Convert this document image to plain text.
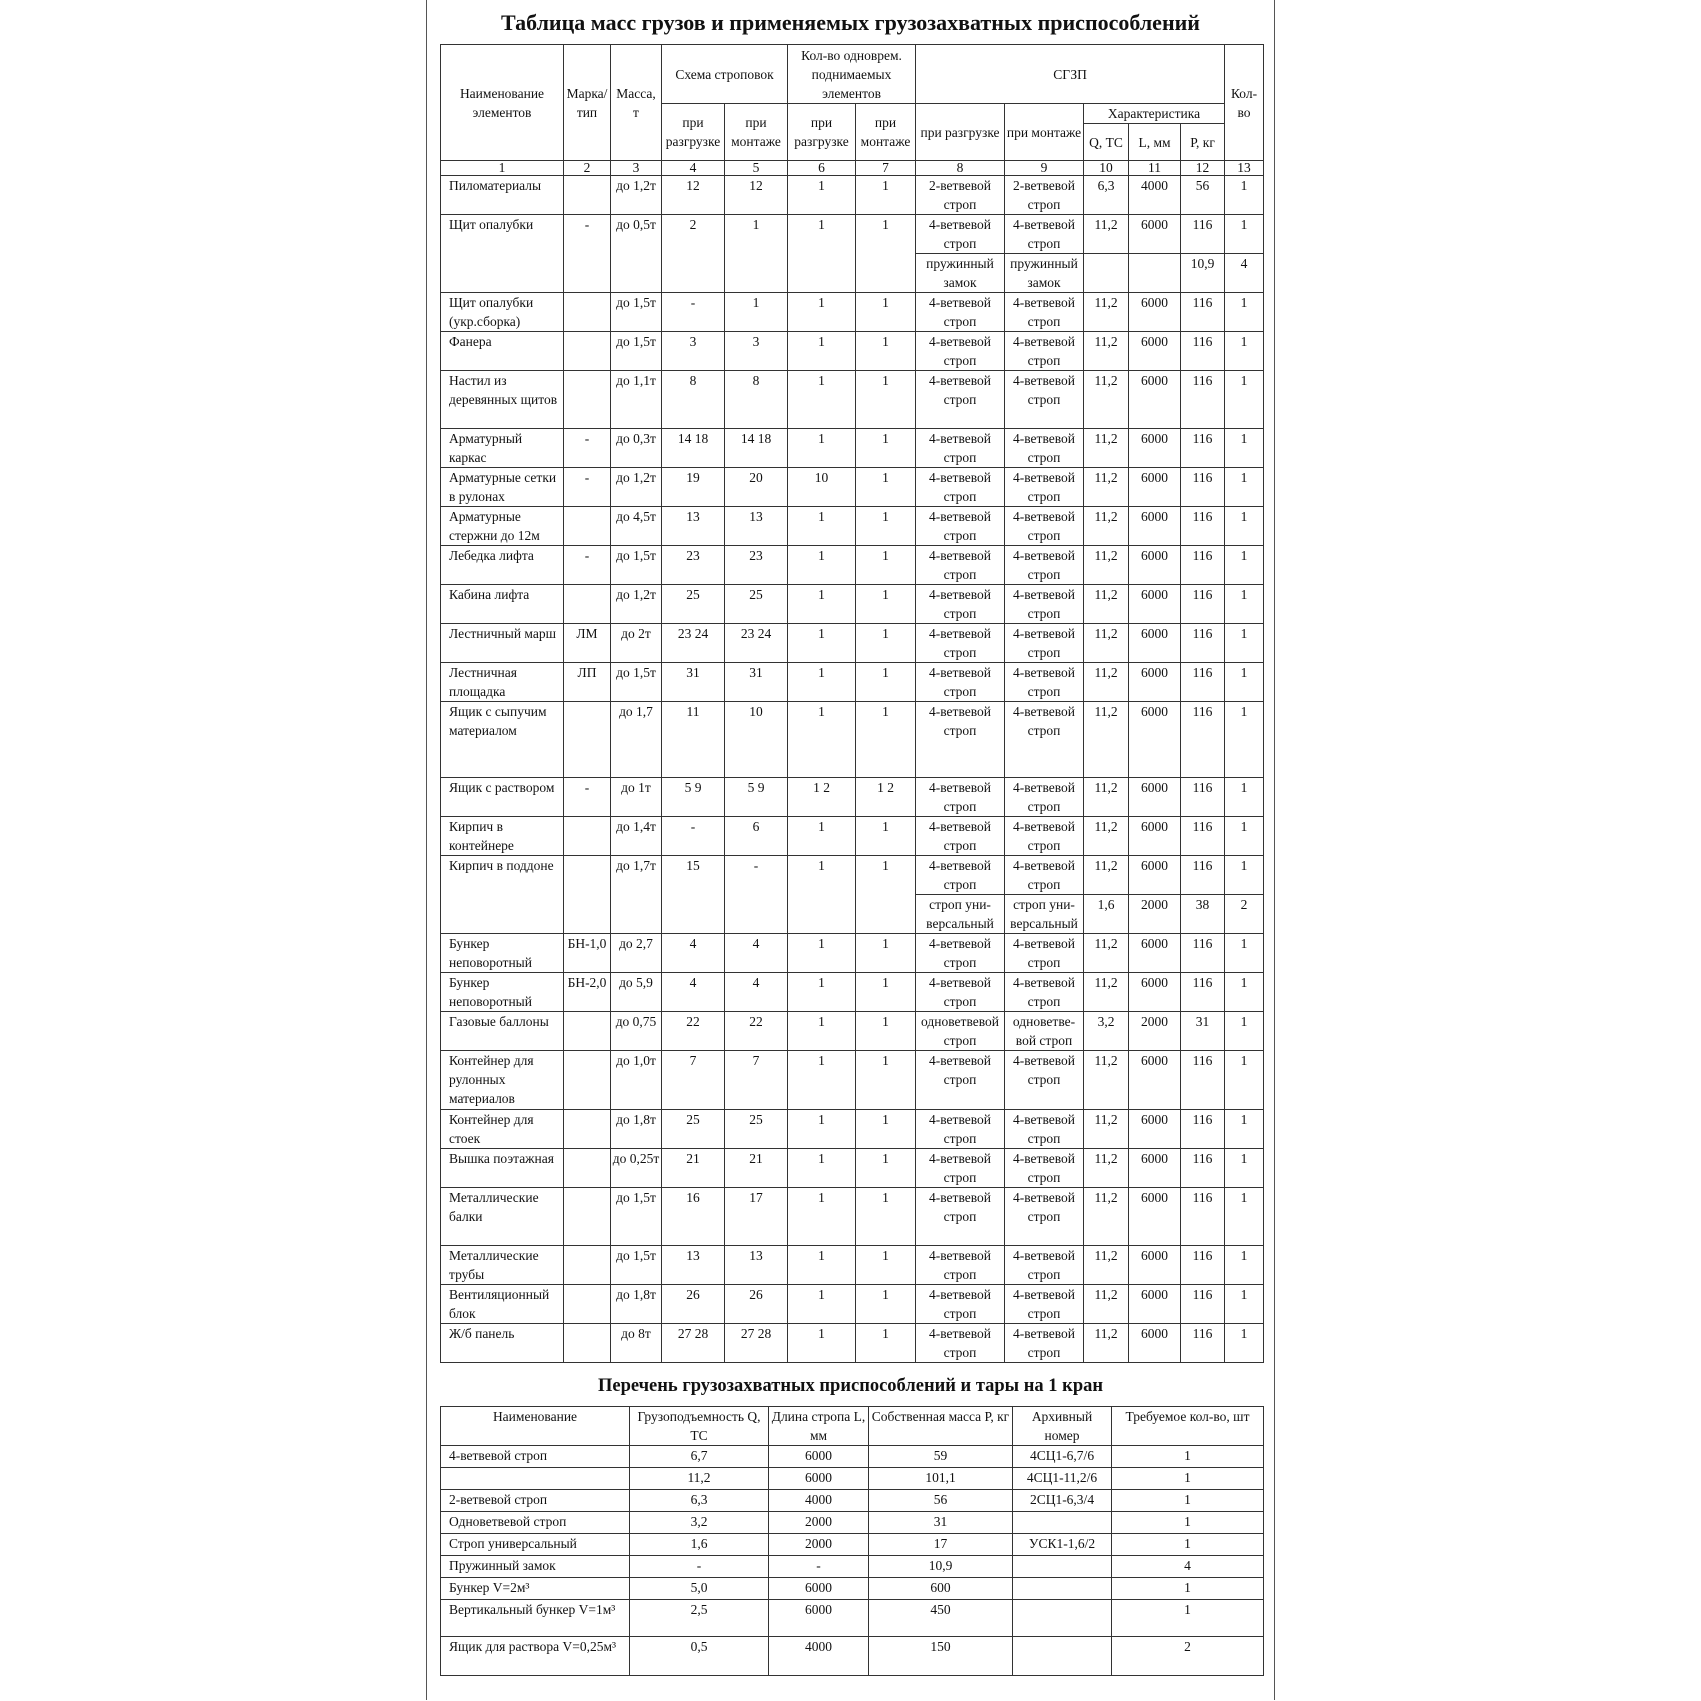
Таблица масс грузов и применяемых грузозахватных приспособлений
Наименование элементов	Марка/ тип	Масса, т	Схема строповок		Кол-во одноврем. поднимаемых элементов		СГЗП					Кол-во
			при разгрузке	при монтаже	при разгрузке	при монтаже	при разгрузке	при монтаже	Характеристика			
									Q, ТС	L, мм	Р, кг	
1	2	3	4	5	6	7	8	9	10	11	12	13
Пиломатериалы		до 1,2т	12	12	1	1	2-ветвевой строп	2-ветвевой строп	6,3	4000	56	1
Щит опалубки	-	до 0,5т	2	1	1	1	4-ветвевой строп	4-ветвевой строп	11,2	6000	116	1
							пружинный замок	пружинный замок			10,9	4
Щит опалубки (укр.сборка)		до 1,5т	-	1	1	1	4-ветвевой строп	4-ветвевой строп	11,2	6000	116	1
Фанера		до 1,5т	3	3	1	1	4-ветвевой строп	4-ветвевой строп	11,2	6000	116	1
Настил из деревянных щитов		до 1,1т	8	8	1	1	4-ветвевой строп	4-ветвевой строп	11,2	6000	116	1
Арматурный каркас	-	до 0,3т	14 18	14 18	1	1	4-ветвевой строп	4-ветвевой строп	11,2	6000	116	1
Арматурные сетки в рулонах	-	до 1,2т	19	20	10	1	4-ветвевой строп	4-ветвевой строп	11,2	6000	116	1
Арматурные стержни до 12м		до 4,5т	13	13	1	1	4-ветвевой строп	4-ветвевой строп	11,2	6000	116	1
Лебедка лифта	-	до 1,5т	23	23	1	1	4-ветвевой строп	4-ветвевой строп	11,2	6000	116	1
Кабина лифта		до 1,2т	25	25	1	1	4-ветвевой строп	4-ветвевой строп	11,2	6000	116	1
Лестничный марш	ЛМ	до 2т	23 24	23 24	1	1	4-ветвевой строп	4-ветвевой строп	11,2	6000	116	1
Лестничная площадка	ЛП	до 1,5т	31	31	1	1	4-ветвевой строп	4-ветвевой строп	11,2	6000	116	1
Ящик с сыпучим материалом		до 1,7	11	10	1	1	4-ветвевой строп	4-ветвевой строп	11,2	6000	116	1
Ящик с раствором	-	до 1т	5 9	5 9	1 2	1 2	4-ветвевой строп	4-ветвевой строп	11,2	6000	116	1
Кирпич в контейнере		до 1,4т	-	6	1	1	4-ветвевой строп	4-ветвевой строп	11,2	6000	116	1
Кирпич в поддоне		до 1,7т	15	-	1	1	4-ветвевой строп	4-ветвевой строп	11,2	6000	116	1
							строп уни-версальный	строп уни-версальный	1,6	2000	38	2
Бункер неповоротный	БН-1,0	до 2,7	4	4	1	1	4-ветвевой строп	4-ветвевой строп	11,2	6000	116	1
Бункер неповоротный	БН-2,0	до 5,9	4	4	1	1	4-ветвевой строп	4-ветвевой строп	11,2	6000	116	1
Газовые баллоны		до 0,75	22	22	1	1	одноветвевой строп	одноветве-вой строп	3,2	2000	31	1
Контейнер для рулонных материалов		до 1,0т	7	7	1	1	4-ветвевой строп	4-ветвевой строп	11,2	6000	116	1
Контейнер для стоек		до 1,8т	25	25	1	1	4-ветвевой строп	4-ветвевой строп	11,2	6000	116	1
Вышка поэтажная		до 0,25т	21	21	1	1	4-ветвевой строп	4-ветвевой строп	11,2	6000	116	1
Металлические балки		до 1,5т	16	17	1	1	4-ветвевой строп	4-ветвевой строп	11,2	6000	116	1
Металлические трубы		до 1,5т	13	13	1	1	4-ветвевой строп	4-ветвевой строп	11,2	6000	116	1
Вентиляционный блок		до 1,8т	26	26	1	1	4-ветвевой строп	4-ветвевой строп	11,2	6000	116	1
Ж/б панель		до 8т	27 28	27 28	1	1	4-ветвевой строп	4-ветвевой строп	11,2	6000	116	1
Перечень грузозахватных приспособлений и тары на 1 кран
Наименование	Грузоподъемность Q, ТС	Длина стропа L, мм	Собственная масса Р, кг	Архивный номер	Требуемое кол-во, шт
4-ветвевой строп	6,7	6000	59	4СЦ1-6,7/6	1
	11,2	6000	101,1	4СЦ1-11,2/6	1
2-ветвевой строп	6,3	4000	56	2СЦ1-6,3/4	1
Одноветвевой строп	3,2	2000	31		1
Строп универсальный	1,6	2000	17	УСК1-1,6/2	1
Пружинный замок	-	-	10,9		4
Бункер V=2м³	5,0	6000	600		1
Вертикальный бункер V=1м³	2,5	6000	450		1
Ящик для раствора V=0,25м³	0,5	4000	150		2
